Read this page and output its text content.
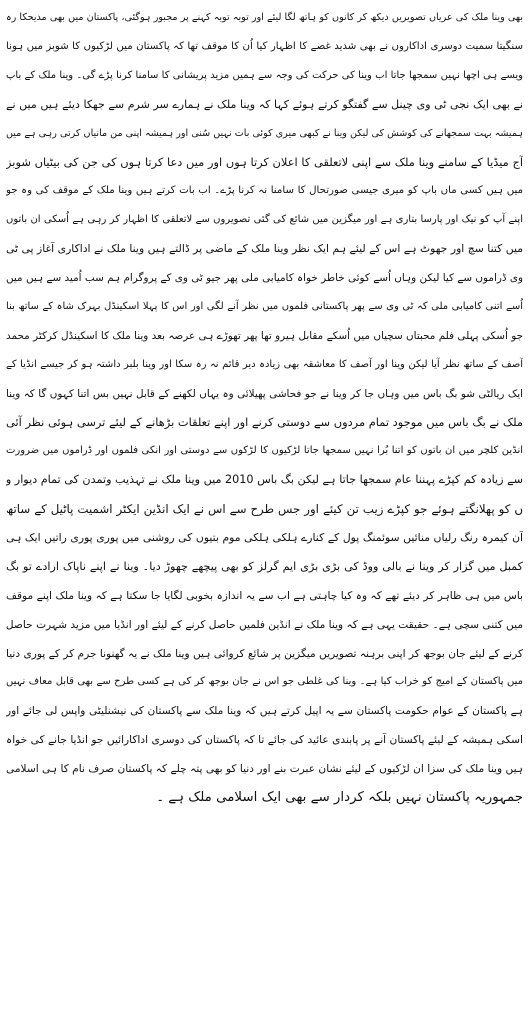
بھی وینا ملک کی عریاں تصویریں دیکھ کر کانوں کو ہاتھ لگا لیئے اور توبہ توبہ کہنے پر مجبور ہوگئی، پاکستان میں بھی مدیحکا رہ
سنگیتا سمیت دوسری اداکاروں نے بھی شدید غصے کا اظہار کیا اُن کا موقف تھا کہ پاکستان میں لڑکیوں کا شوبز میں ہونا
ویسے ہی اچھا نہیں سمجھا جاتا اب وینا کی حرکت کی وجہ سے ہمیں مزید پریشانی کا سامنا کرنا پڑے گی۔ وینا ملک کے باپ
نے بھی ایک نجی ٹی وی چینل سے گفتگو کرتے ہوئے کہا کہ وینا ملک نے ہمارے سر شرم سے جھکا دیئے ہیں میں نے
ہمیشہ بہت سمجھانے کی کوشش کی لیکن وینا نے کبھی میری کوئی بات نہیں سُنی اور ہمیشہ اپنی من مانیاں کرتی رہی ہے میں
آج میڈیا کے سامنے وینا ملک سے اپنی لاتعلقی کا اعلان کرتا ہوں اور میں دعا کرتا ہوں کی جن کی بیٹیاں شوبز
میں ہیں کسی ماں باپ کو میری جیسی صورتحال کا سامنا نہ کرنا پڑے۔ اب بات کرتے ہیں وینا ملک کے موقف کی وہ جو
اپنے آپ کو نیک اور پارسا بتاری ہے اور میگزین میں شائع کی گئی تصویروں سے لاتعلقی کا اظہار کر رہی ہے اُسکی ان باتوں
میں کتنا سچ اور جھوٹ ہے اس کے لیئے ہم ایک نظر وینا ملک کے ماضی پر ڈالتے ہیں وینا ملک نے اداکاری آغاز پی ٹی
وی ڈراموں سے کیا لیکن وہاں اُسے کوئی خاطر خواہ کامیابی ملی پھر جیو ٹی وی کے پروگرام ہم سب اُمید سے ہیں میں
اُسے اتنی کامیابی ملی کہ ٹی وی سے پھر پاکستانی فلموں میں نظر آنے لگی اور اس کا پہلا اسکینڈل بہرک شاہ کے ساتھ بنا
جو اُسکی پہلی فلم محبتاں سچیاں میں اُسکے مقابل ہیرو تھا پھر تھوڑے ہی عرصہ بعد وینا ملک کا اسکینڈل کرکٹر محمد
آصف کے ساتھ نظر آیا لیکن وینا اور آصف کا معاشقہ بھی زیادہ دیر قائم نہ رہ سکا اور وینا بلبر داشتہ ہو کر جیسے انڈیا کے
ایک ریالٹی شو بگ باس میں وہاں جا کر وینا نے جو فحاشی پھیلائی وہ یہاں لکھنے کے قابل نہیں بس اتنا کہوں گا کہ وینا
ملک نے بگ باس میں موجود تمام مردوں سے دوستی کرنے اور اپنے تعلقات بڑھانے کے لیئے ترسی ہوئی نظر آئی
انڈین کلچر میں ان باتوں کو اتنا بُرا نہیں سمجھا جاتا لڑکیوں کا لڑکوں سے دوستی اور انکی فلموں اور ڈراموں میں ضرورت
سے زیادہ کم کپڑے پہننا عام سمجھا جاتا ہے لیکن بگ باس 2010 میں وینا ملک نے تہذیب وتمدن کی تمام دیوار و
ں کو پھلانگتے ہوئے جو کپڑے زیب تن کیئے اور جس طرح سے اس نے ایک انڈین ایکٹر اشمیت پاٹیل کے ساتھ
آن کیمرہ رنگ رلیاں منائیں سوئمنگ پول کے کنارے ہلکی ہلکی موم بتیوں کی روشنی میں پوری پوری راتیں ایک ہی
کمبل میں گزار کر وینا نے بالی ووڈ کی بڑی بڑی ایم گرلز کو بھی پیچھے چھوڑ دیا۔ وینا نے اپنے ناپاک ارادے تو بگ
باس میں ہی ظاہر کر دیئے تھے کہ وہ کیا چاہتی ہے اب سے یہ اندازہ بخوبی لگایا جا سکتا ہے کہ وینا ملک اپنے موقف
میں کتنی سچی ہے۔ حقیقت یہی ہے کہ وینا ملک نے انڈین فلمیں حاصل کرنے کے لیئے اور انڈیا میں مزید شہرت حاصل
کرنے کے لیئے جان بوجھ کر اپنی برہنہ تصویریں میگزین پر شائع کروائی ہیں وینا ملک نے یہ گھنونا جرم کر کے پوری دنیا
میں پاکستان کے امیج کو خراب کیا ہے۔ وینا کی غلطی جو اس نے جان بوجھ کر کی ہے کسی طرح سے بھی قابل معاف نہیں
ہے پاکستان کے عوام حکومت پاکستان سے یہ اپیل کرتے ہیں کہ وینا ملک سے پاکستان کی نیشنلیٹی واپس لی جائے اور
اسکی ہمیشہ کے لیئے پاکستان آنے پر پابندی عائید کی جائے تا کہ پاکستان کی دوسری اداکارائیں جو انڈیا جانے کی خواہ
ہیں وینا ملک کی سزا ان لڑکیوں کے لیئے نشان عبرت بنے اور دنیا کو بھی پتہ چلے کہ پاکستان صرف نام کا ہی اسلامی
جمہوریہ پاکستان نہیں بلکہ کردار سے بھی ایک اسلامی ملک ہے ۔
